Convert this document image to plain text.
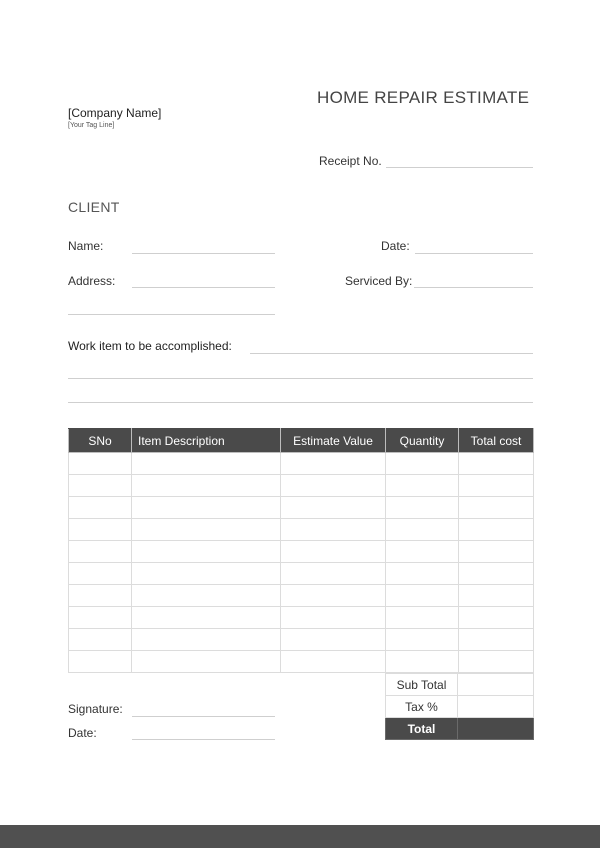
HOME REPAIR ESTIMATE
[Company Name]
[Your Tag Line]
Receipt No.
CLIENT
Name:	Date:
Address:	Serviced By:
Work item to be accomplished:
SNo	Item Description	Estimate Value	Quantity	Total cost

Sub Total	
Tax %	
Total	
Signature:
Date:
